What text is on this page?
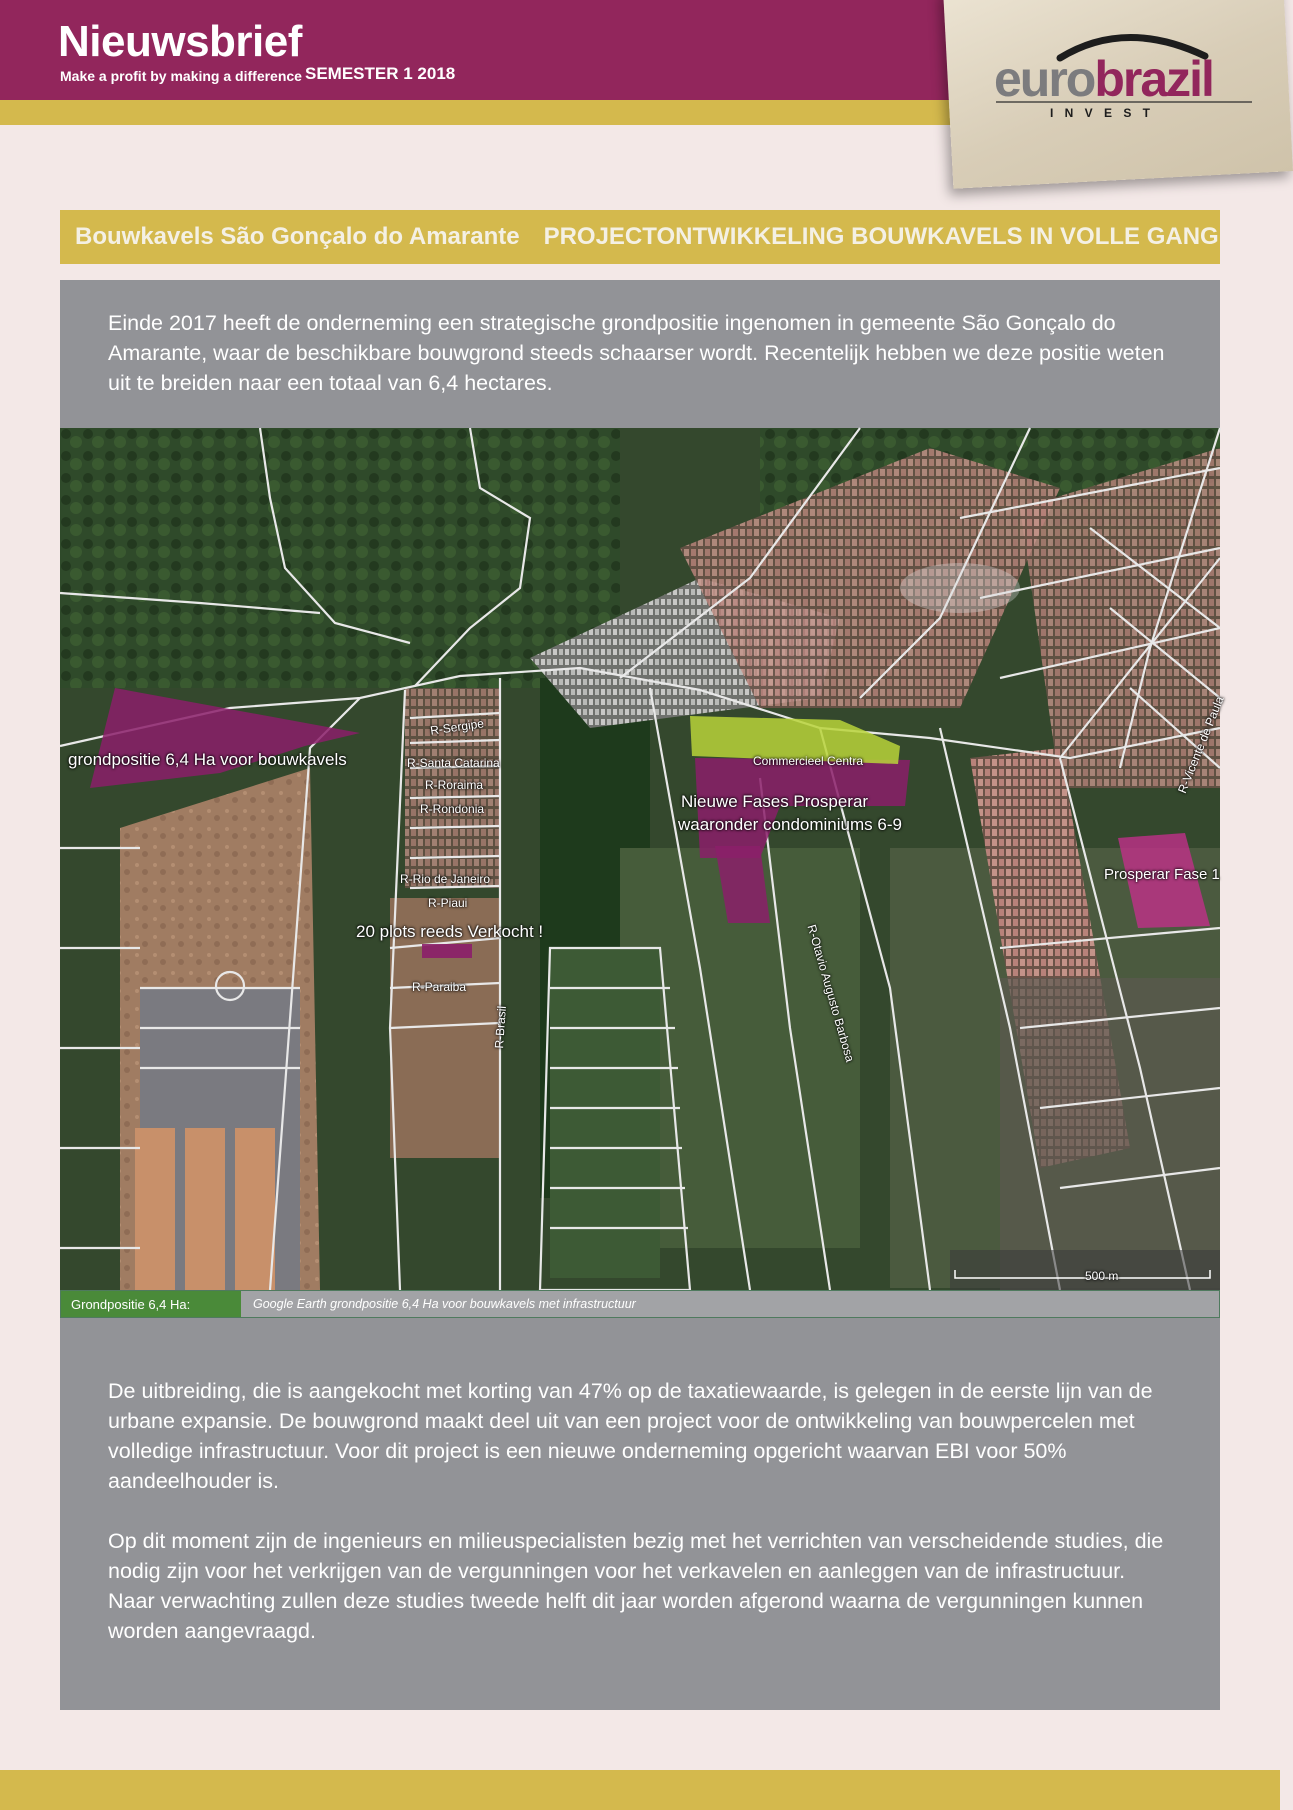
Nieuwsbrief
Make a profit by making a difference SEMESTER 1 2018	eurobrazil
I N V E S T
Bouwkavels São Gonçalo do Amarante PROJECTONTWIKKELING BOUWKAVELS IN VOLLE GANG

Einde 2017 heeft de onderneming een strategische grondpositie ingenomen in gemeente São Gonçalo do Amarante, waar de beschikbare bouwgrond steeds schaarser wordt. Recentelijk hebben we deze positie weten uit te breiden naar een totaal van 6,4 hectares.

grondpositie 6,4 Ha voor bouwkavels	Commercieel Centra
Nieuwe Fases Prosperar
waaronder condominiums 6-9
Prosperar Fase 1
20 plots reeds Verkocht !
R-Sergipe
R-Santa Catarina
R-Roraima
R-Rondonia
R-Rio de Janeiro
R-Piaui
R-Paraiba
R-Brasil	R-Otavio Augusto Barbosa
R-Vicente de Paula
500 m
Grondpositie 6,4 Ha:	Google Earth grondpositie 6,4 Ha voor bouwkavels met infrastructuur

De uitbreiding, die is aangekocht met korting van 47% op de taxatiewaarde, is gelegen in de eerste lijn van de urbane expansie. De bouwgrond maakt deel uit van een project voor de ontwikkeling van bouwpercelen met volledige infrastructuur. Voor dit project is een nieuwe onderneming opgericht waarvan EBI voor 50% aandeelhouder is.

Op dit moment zijn de ingenieurs en milieuspecialisten bezig met het verrichten van verscheidende studies, die nodig zijn voor het verkrijgen van de vergunningen voor het verkavelen en aanleggen van de infrastructuur. Naar verwachting zullen deze studies tweede helft dit jaar worden afgerond waarna de vergunningen kunnen worden aangevraagd.
